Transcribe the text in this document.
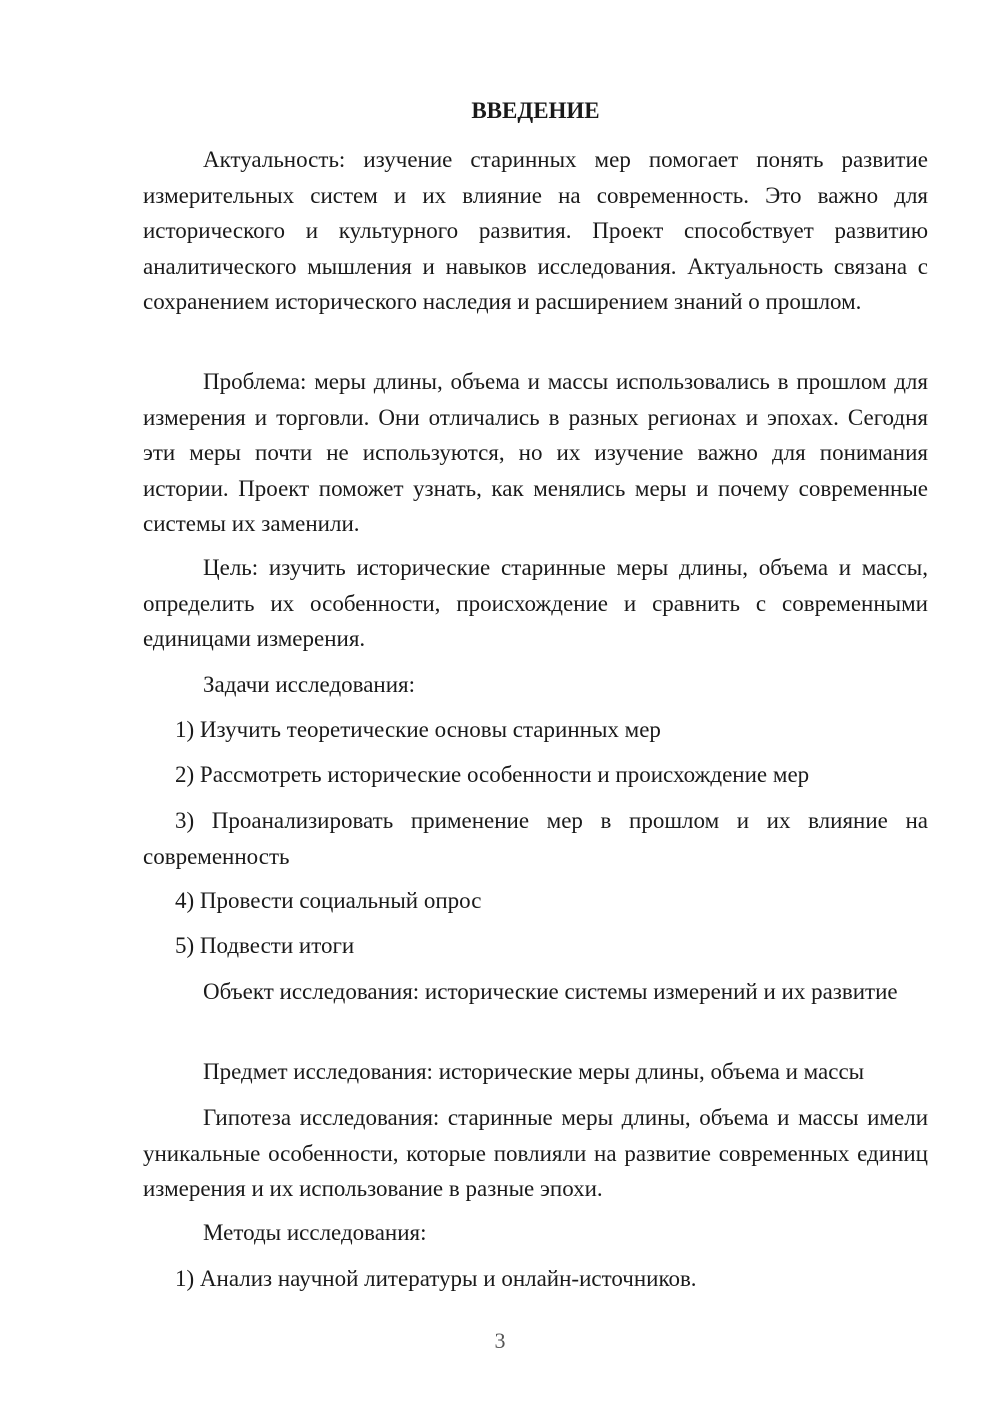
ВВЕДЕНИЕ

Актуальность: изучение старинных мер помогает понять развитие измерительных систем и их влияние на современность. Это важно для исторического и культурного развития. Проект способствует развитию аналитического мышления и навыков исследования. Актуальность связана с сохранением исторического наследия и расширением знаний о прошлом.

Проблема: меры длины, объема и массы использовались в прошлом для измерения и торговли. Они отличались в разных регионах и эпохах. Сегодня эти меры почти не используются, но их изучение важно для понимания истории. Проект поможет узнать, как менялись меры и почему современные системы их заменили.

Цель: изучить исторические старинные меры длины, объема и массы, определить их особенности, происхождение и сравнить с современными единицами измерения.

Задачи исследования:

1) Изучить теоретические основы старинных мер

2) Рассмотреть исторические особенности и происхождение мер

3) Проанализировать применение мер в прошлом и их влияние на современность

4) Провести социальный опрос

5) Подвести итоги

Объект исследования: исторические системы измерений и их развитие

Предмет исследования: исторические меры длины, объема и массы

Гипотеза исследования: старинные меры длины, объема и массы имели уникальные особенности, которые повлияли на развитие современных единиц измерения и их использование в разные эпохи.

Методы исследования:

1) Анализ научной литературы и онлайн-источников.

3
